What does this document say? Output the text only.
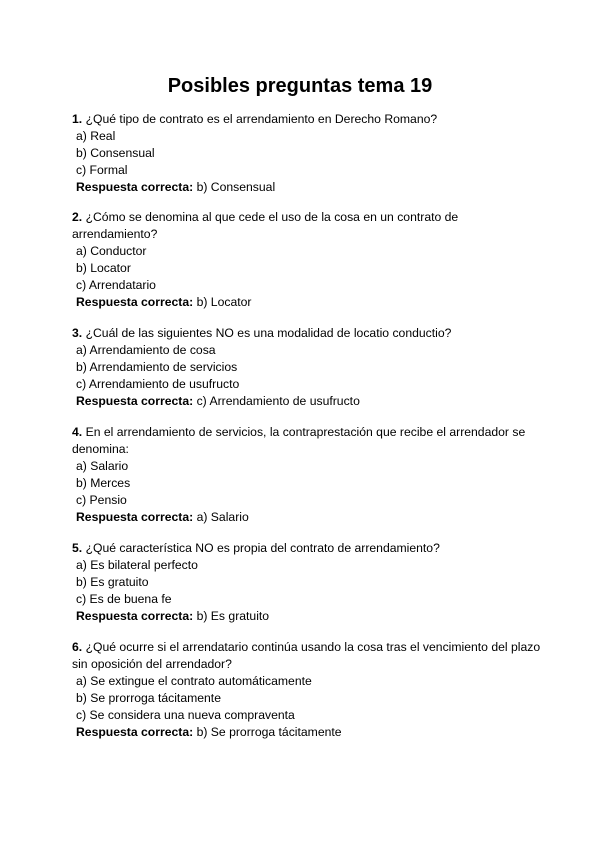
Posibles preguntas tema 19

1. ¿Qué tipo de contrato es el arrendamiento en Derecho Romano?

a) Real

b) Consensual

c) Formal

Respuesta correcta: b) Consensual

2. ¿Cómo se denomina al que cede el uso de la cosa en un contrato de arrendamiento?

a) Conductor

b) Locator

c) Arrendatario

Respuesta correcta: b) Locator

3. ¿Cuál de las siguientes NO es una modalidad de locatio conductio?

a) Arrendamiento de cosa

b) Arrendamiento de servicios

c) Arrendamiento de usufructo

Respuesta correcta: c) Arrendamiento de usufructo

4. En el arrendamiento de servicios, la contraprestación que recibe el arrendador se denomina:

a) Salario

b) Merces

c) Pensio

Respuesta correcta: a) Salario

5. ¿Qué característica NO es propia del contrato de arrendamiento?

a) Es bilateral perfecto

b) Es gratuito

c) Es de buena fe

Respuesta correcta: b) Es gratuito

6. ¿Qué ocurre si el arrendatario continúa usando la cosa tras el vencimiento del plazo sin oposición del arrendador?

a) Se extingue el contrato automáticamente

b) Se prorroga tácitamente

c) Se considera una nueva compraventa

Respuesta correcta: b) Se prorroga tácitamente
